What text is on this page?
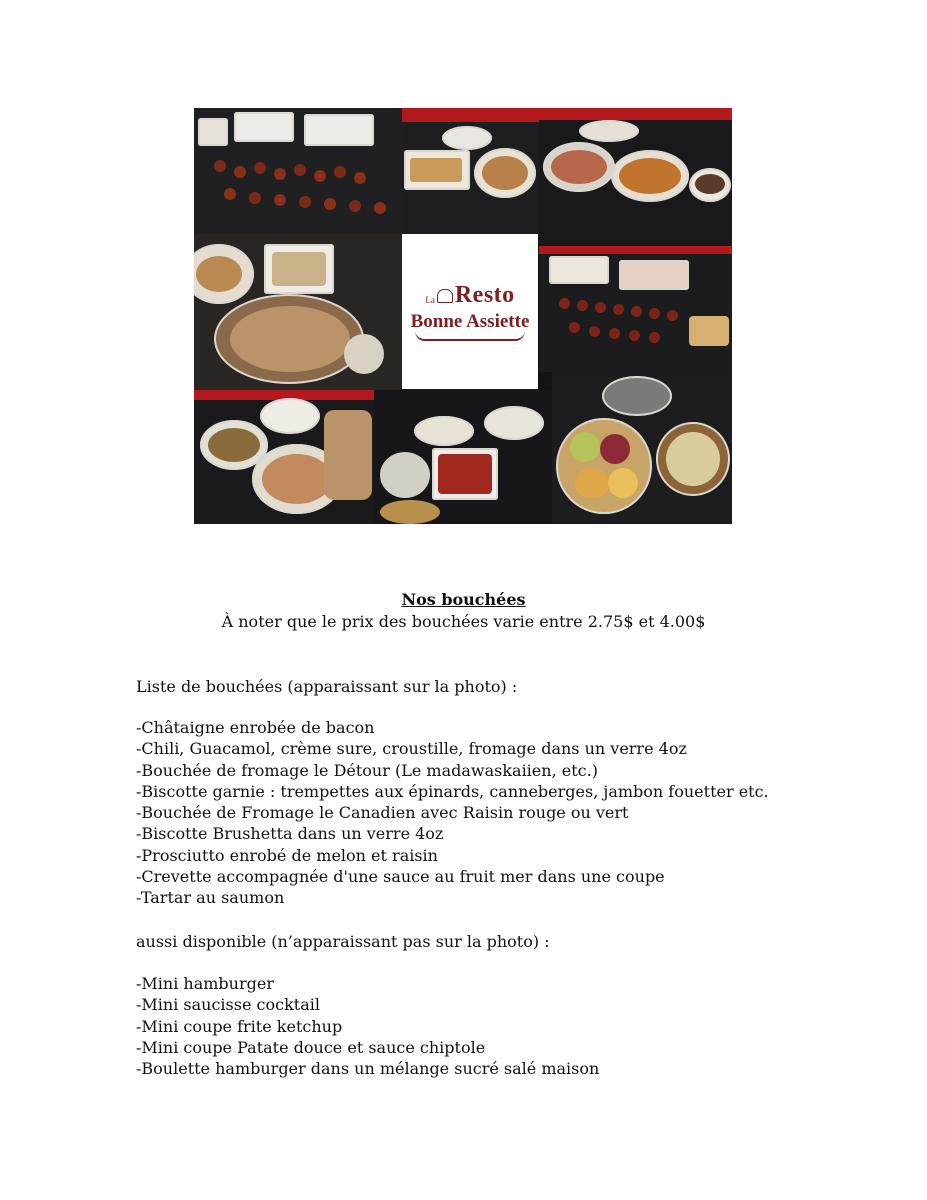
La Resto
Bonne Assiette
Nos bouchées
À noter que le prix des bouchées varie entre 2.75$ et 4.00$
Liste de bouchées (apparaissant sur la photo) :
-Châtaigne enrobée de bacon
-Chili, Guacamol, crème sure, croustille, fromage dans un verre 4oz
-Bouchée de fromage le Détour (Le madawaskaiien, etc.)
-Biscotte garnie : trempettes aux épinards, canneberges, jambon fouetter etc.
-Bouchée de Fromage le Canadien avec Raisin rouge ou vert
-Biscotte Brushetta dans un verre 4oz
-Prosciutto enrobé de melon et raisin
-Crevette accompagnée d'une sauce au fruit mer dans une coupe
-Tartar au saumon
aussi disponible (n’apparaissant pas sur la photo) :
-Mini hamburger
-Mini saucisse cocktail
-Mini coupe frite ketchup
-Mini coupe Patate douce et sauce chiptole
-Boulette hamburger dans un mélange sucré salé maison
